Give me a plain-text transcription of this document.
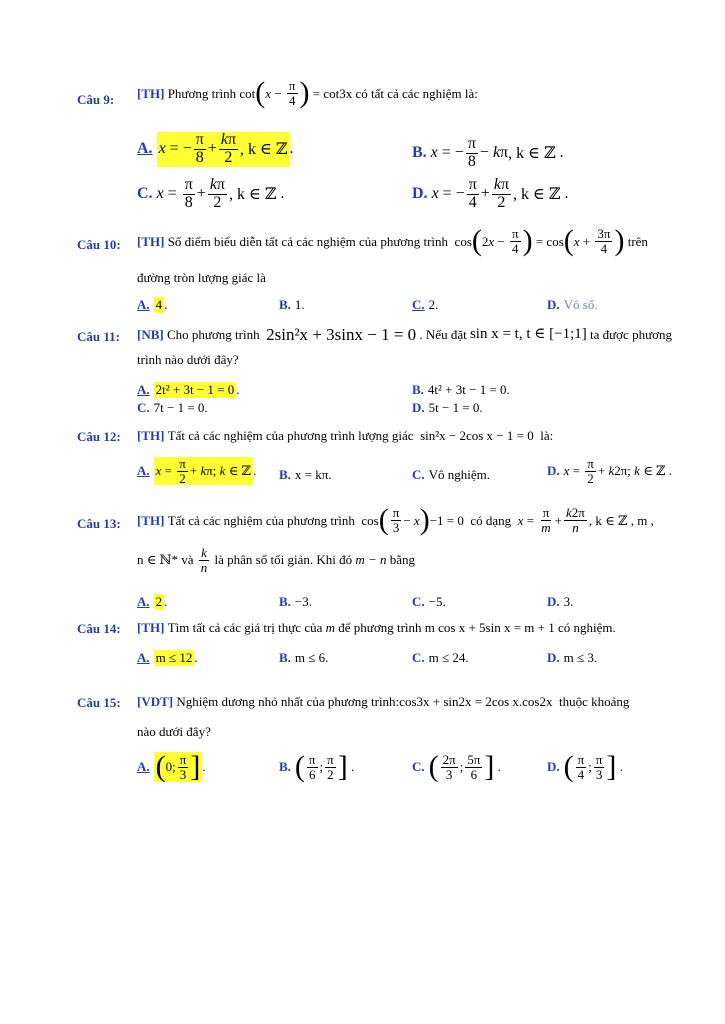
Câu 9: [TH]
Phương trình
cot ( $x - \frac{\pi}{4}$ )
= cot3x
có tất cả các nghiệm là:
A. x = − $\frac{\pi}{8} + \frac{k\pi}{2}$ , k ∈ ℤ .	B. x = − $\frac{\pi}{8} - k$ π , k ∈ ℤ .
C. $x = \frac{\pi}{8} + \frac{k\pi}{2}$ , k ∈ ℤ .	D. x = − $\frac{\pi}{4} + \frac{k\pi}{2}$ , k ∈ ℤ .
Câu 10: [TH]
Số điểm biểu diễn tất cả các nghiệm của phương trình cos ( 2 $x - \frac{\pi}{4}$ ) = cos ( $x + \frac{3\pi}{4}$ )
trên
đường tròn lượng giác là
A. 4 .	B. 1 .	C. 2 .	D. Vô số.
Câu 11: [NB]
Cho phương trình
2sin²x + 3sinx − 1 = 0
. Nếu đặt
sin x = t, t ∈ [−1;1]
ta được phương
trình nào dưới đây?
A. 2t² + 3t − 1 = 0 .	B. 4t² + 3t − 1 = 0 .
C. 7t − 1 = 0 .	D. 5t − 1 = 0 .
Câu 12: [TH]
Tất cả các nghiệm của phương trình lượng giác
sin²x − 2cos x − 1 = 0
là:
A. $x = \frac{\pi}{2} + k$ π; k ∈ ℤ . B. x = kπ .	C. Vô nghiệm.	D. $x = \frac{\pi}{2} + k$ 2π; k ∈ ℤ .
Câu 13: [TH]
Tất cả các nghiệm của phương trình cos ( $\frac{\pi}{3} - x$ ) −1 = 0 có dạng
$x = \frac{\pi}{m} + \frac{k2\pi}{n}$ , k ∈ ℤ , m ,
n ∈ ℕ* và
$\frac{k}{n}$
là phân số tối giản. Khi đó
m − n
bằng
A. 2 .	B. −3 .	C. −5 .	D. 3 .
Câu 14: [TH]
Tìm tất cả các giá trị thực của
m
để phương trình
m cos x + 5sin x = m + 1
có nghiệm.
A. m ≤ 12 .	B. m ≤ 6 .	C. m ≤ 24 .	D. m ≤ 3 .
Câu 15: [VDT]
Nghiệm dương nhỏ nhất của phương trình: cos3x + sin2x = 2cos x.cos2x
thuộc khoảng
nào dưới đây?
A. ( 0; $\frac{\pi}{3}$ ] .	B. ( $\frac{\pi}{6}$ ; $\frac{\pi}{2}$ ] .	C. ( $\frac{2\pi}{3}$ ; $\frac{5\pi}{6}$ ] .	D. ( $\frac{\pi}{4}$ ; $\frac{\pi}{3}$ ] .
